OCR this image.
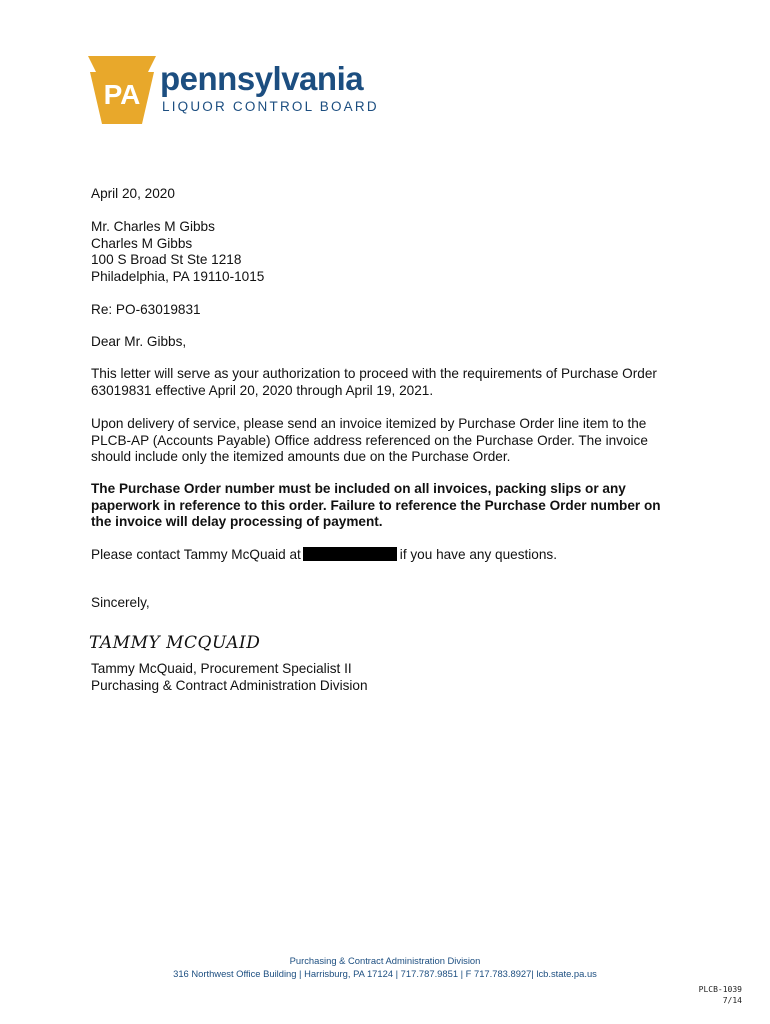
PA pennsylvania
LIQUOR CONTROL BOARD
April 20, 2020
Mr. Charles M Gibbs
Charles M Gibbs
100 S Broad St Ste 1218
Philadelphia, PA 19110-1015
Re: PO-63019831
Dear Mr. Gibbs,
This letter will serve as your authorization to proceed with the requirements of Purchase Order
63019831 effective April 20, 2020 through April 19, 2021.
Upon delivery of service, please send an invoice itemized by Purchase Order line item to the
PLCB-AP (Accounts Payable) Office address referenced on the Purchase Order. The invoice
should include only the itemized amounts due on the Purchase Order.
The Purchase Order number must be included on all invoices, packing slips or any
paperwork in reference to this order. Failure to reference the Purchase Order number on
the invoice will delay processing of payment.
Please contact Tammy McQuaid at	if you have any questions.
Sincerely,
TAMMY MCQUAID
Tammy McQuaid, Procurement Specialist II
Purchasing & Contract Administration Division
Purchasing & Contract Administration Division
316 Northwest Office Building | Harrisburg, PA 17124 | 717.787.9851 | F 717.783.8927| lcb.state.pa.us
PLCB-1039
7/14
